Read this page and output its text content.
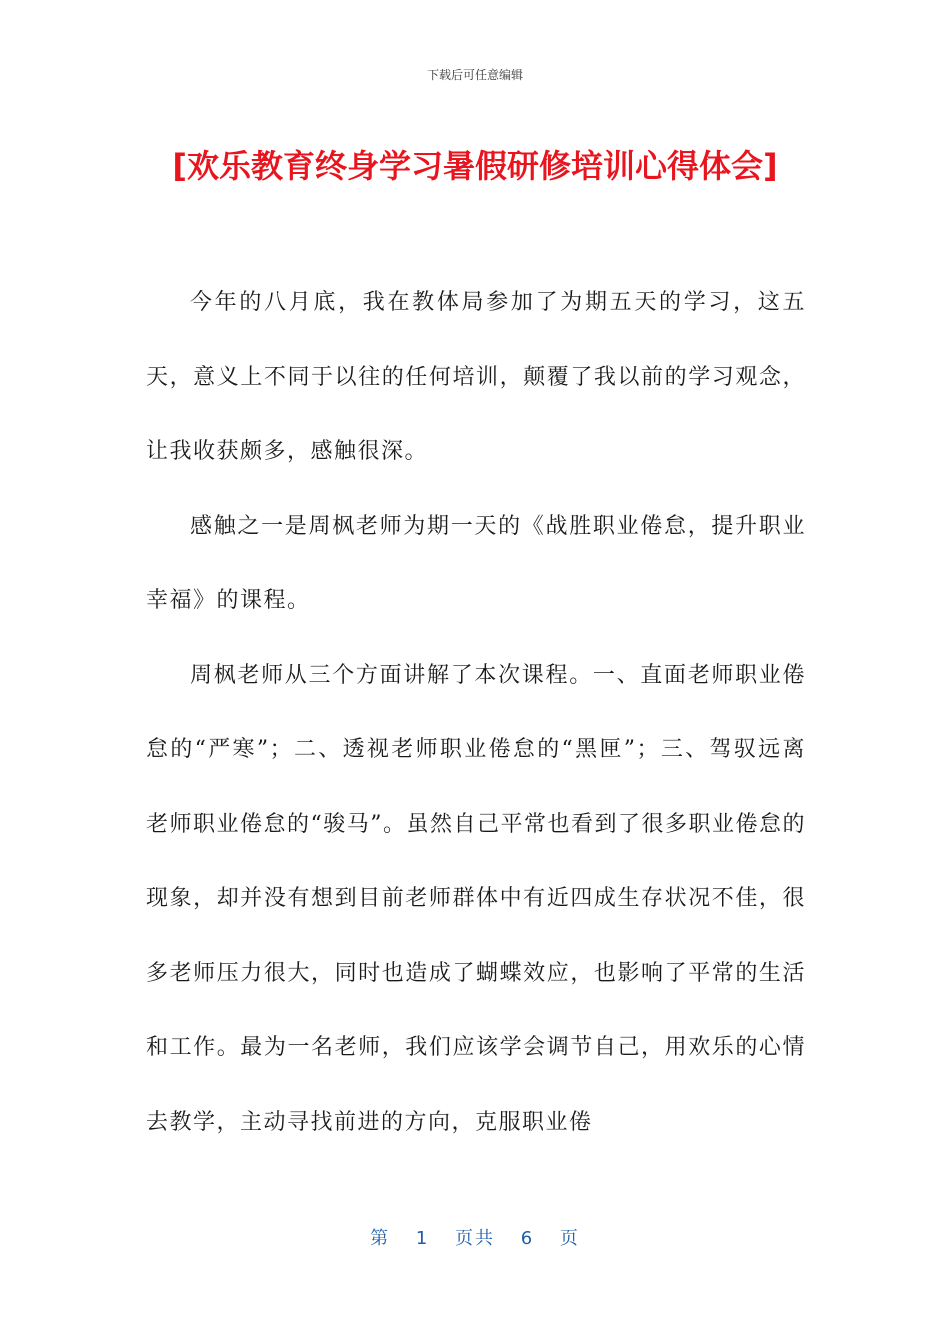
下载后可任意编辑
[欢乐教育终身学习暑假研修培训心得体会]

今年的八月底，我在教体局参加了为期五天的学习，这五天，意义上不同于以往的任何培训，颠覆了我以前的学习观念，让我收获颇多，感触很深。

感触之一是周枫老师为期一天的《战胜职业倦怠，提升职业幸福》的课程。

周枫老师从三个方面讲解了本次课程。一、直面老师职业倦怠的“严寒”；二、透视老师职业倦怠的“黑匣”；三、驾驭远离老师职业倦怠的“骏马”。虽然自己平常也看到了很多职业倦怠的现象，却并没有想到目前老师群体中有近四成生存状况不佳，很多老师压力很大，同时也造成了蝴蝶效应，也影响了平常的生活和工作。最为一名老师，我们应该学会调节自己，用欢乐的心情去教学，主动寻找前进的方向，克服职业倦

第 1 页共 6 页
